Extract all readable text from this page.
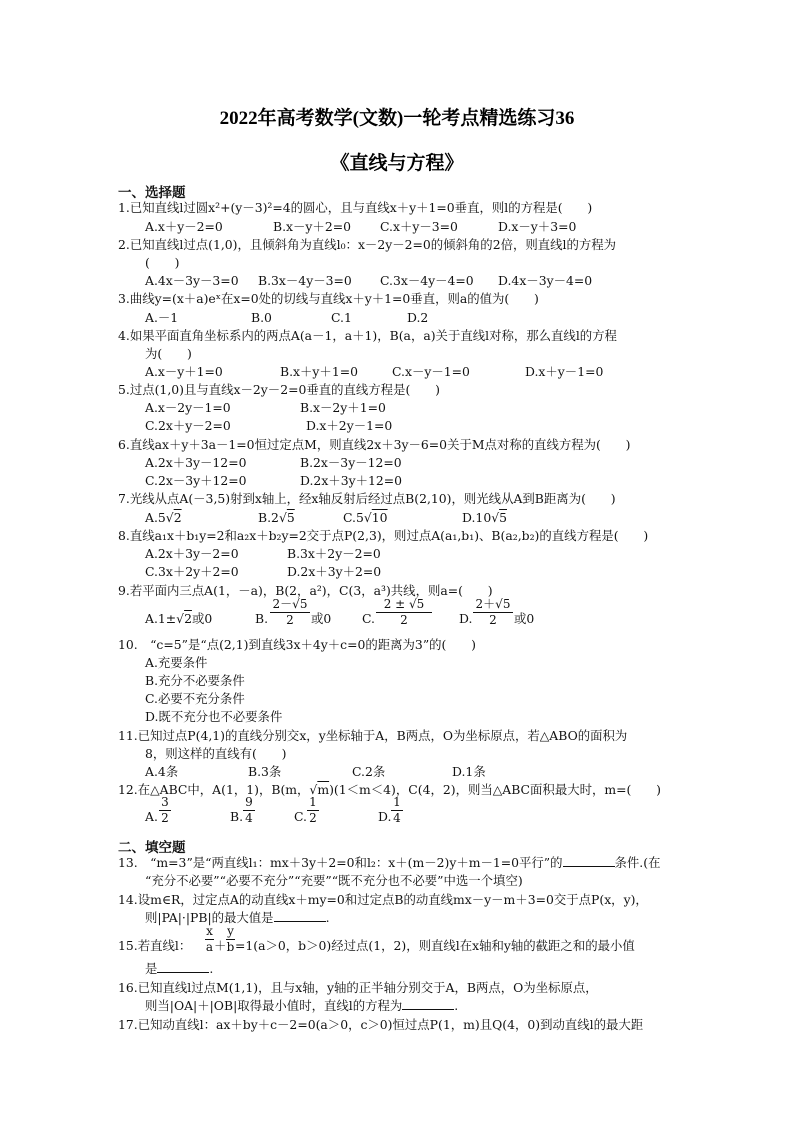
2022年高考数学(文数)一轮考点精选练习36
《直线与方程》
一、选择题
1.已知直线l过圆x²+(y－3)²=4的圆心，且与直线x＋y＋1=0垂直，则l的方程是(　　)
A.x＋y－2=0	B.x－y＋2=0 C.x＋y－3=0	D.x－y＋3=0
2.已知直线l过点(1,0)，且倾斜角为直线l₀：x－2y－2=0的倾斜角的2倍，则直线l的方程为
(　　)
A.4x－3y－3=0 B.3x－4y－3=0 C.3x－4y－4=0 D.4x－3y－4=0
3.曲线y=(x＋a)eˣ在x=0处的切线与直线x＋y＋1=0垂直，则a的值为(　　)
A.－1	B.0	C.1	D.2
4.如果平面直角坐标系内的两点A(a－1，a＋1)，B(a，a)关于直线l对称，那么直线l的方程
为(　　)
A.x－y＋1=0	B.x＋y＋1=0	C.x－y－1=0	D.x＋y－1=0
5.过点(1,0)且与直线x－2y－2=0垂直的直线方程是(　　)
A.x－2y－1=0	B.x－2y＋1=0
C.2x＋y－2=0	D.x＋2y－1=0
6.直线ax＋y＋3a－1=0恒过定点M，则直线2x＋3y－6=0关于M点对称的直线方程为(　　)
A.2x＋3y－12=0	B.2x－3y－12=0
C.2x－3y＋12=0	D.2x＋3y＋12=0
7.光线从点A(－3,5)射到x轴上，经x轴反射后经过点B(2,10)，则光线从A到B距离为(　　)
A.5√2	B.2√5	C.5√10	D.10√5
8.直线a₁x＋b₁y=2和a₂x＋b₂y=2交于点P(2,3)，则过点A(a₁,b₁)、B(a₂,b₂)的直线方程是(　　)
A.2x＋3y－2=0	B.3x＋2y－2=0
C.3x＋2y＋2=0	D.2x＋3y＋2=0
9.若平面内三点A(1，－a)，B(2，a²)，C(3，a³)共线，则a=(　　)
A.1±√2或0	B.
2－√5
2	或0 C.
2 ± √5
2	D.
2＋√5
2	或0
10.　“c=5”是“点(2,1)到直线3x＋4y＋c=0的距离为3”的(　　)
A.充要条件
B.充分不必要条件
C.必要不充分条件
D.既不充分也不必要条件
11.已知过点P(4,1)的直线分别交x，y坐标轴于A，B两点，O为坐标原点，若△ABO的面积为
8，则这样的直线有(　　)
A.4条	B.3条	C.2条	D.1条
12.在△ABC中，A(1，1)，B(m，√m)(1＜m＜4)，C(4，2)，则当△ABC面积最大时，m=(　　)
A.
3
2	B.
9
4	C.
1
2	D.
1
4
二、填空题
13.　“m=3”是“两直线l₁：mx＋3y＋2=0和l₂：x＋(m－2)y＋m－1=0平行”的	条件.(在
“充分不必要”“必要不充分”“充要”“既不充分也不必要”中选一个填空)
14.设m∈R，过定点A的动直线x＋my=0和过定点B的动直线mx－y－m＋3=0交于点P(x，y)，
则|PA|·|PB|的最大值是	.
15.若直线l：
x
a ＋
y
b =1(a＞0，b＞0)经过点(1，2)，则直线l在x轴和y轴的截距之和的最小值
是	.
16.已知直线l过点M(1,1)，且与x轴，y轴的正半轴分别交于A，B两点，O为坐标原点，
则当|OA|＋|OB|取得最小值时，直线l的方程为	.
17.已知动直线l：ax＋by＋c－2=0(a＞0，c＞0)恒过点P(1，m)且Q(4，0)到动直线l的最大距
